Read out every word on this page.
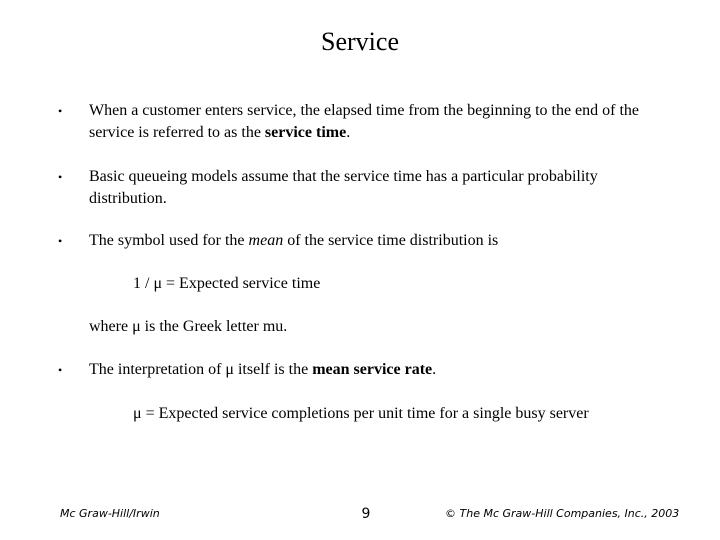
Service
•	When a customer enters service, the elapsed time from the beginning to the end of the service is referred to as the service time.
•	Basic queueing models assume that the service time has a particular probability distribution.
•	The symbol used for the mean of the service time distribution is
1 / μ = Expected service time
where μ is the Greek letter mu.
•	The interpretation of μ itself is the mean service rate.
μ = Expected service completions per unit time for a single busy server
Mc Graw-Hill/Irwin	9	© The Mc Graw-Hill Companies, Inc., 2003
